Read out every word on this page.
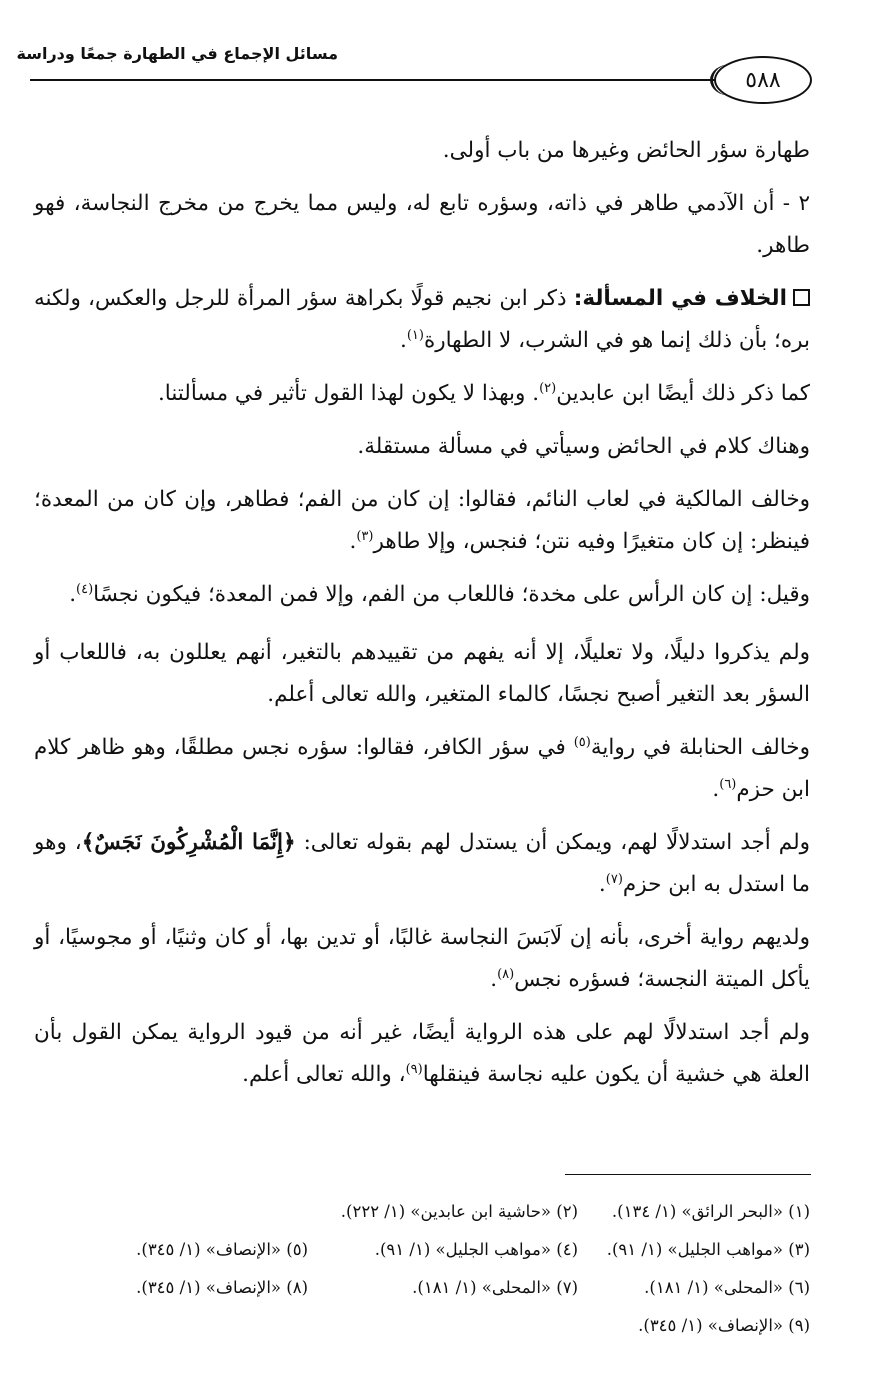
مسائل الإجماع في الطهارة جمعًا ودراسة
٥٨٨

طهارة سؤر الحائض وغيرها من باب أولى.

٢ - أن الآدمي طاهر في ذاته، وسؤره تابع له، وليس مما يخرج من مخرج النجاسة، فهو طاهر.

الخلاف في المسألة: ذكر ابن نجيم قولًا بكراهة سؤر المرأة للرجل والعكس، ولكنه بره؛ بأن ذلك إنما هو في الشرب، لا الطهارة$^{(١)}$.

كما ذكر ذلك أيضًا ابن عابدين$^{(٢)}$. وبهذا لا يكون لهذا القول تأثير في مسألتنا.

وهناك كلام في الحائض وسيأتي في مسألة مستقلة.

وخالف المالكية في لعاب النائم، فقالوا: إن كان من الفم؛ فطاهر، وإن كان من المعدة؛ فينظر: إن كان متغيرًا وفيه نتن؛ فنجس، وإلا طاهر$^{(٣)}$.

وقيل: إن كان الرأس على مخدة؛ فاللعاب من الفم، وإلا فمن المعدة؛ فيكون نجسًا$^{(٤)}$.

ولم يذكروا دليلًا، ولا تعليلًا، إلا أنه يفهم من تقييدهم بالتغير، أنهم يعللون به، فاللعاب أو السؤر بعد التغير أصبح نجسًا، كالماء المتغير، والله تعالى أعلم.

وخالف الحنابلة في رواية$^{(٥)}$ في سؤر الكافر، فقالوا: سؤره نجس مطلقًا، وهو ظاهر كلام ابن حزم$^{(٦)}$.

ولم أجد استدلالًا لهم، ويمكن أن يستدل لهم بقوله تعالى: ﴿إِنَّمَا الْمُشْرِكُونَ نَجَسٌ﴾، وهو ما استدل به ابن حزم$^{(٧)}$.

ولديهم رواية أخرى، بأنه إن لَابَسَ النجاسة غالبًا، أو تدين بها، أو كان وثنيًا، أو مجوسيًا، أو يأكل الميتة النجسة؛ فسؤره نجس$^{(٨)}$.

ولم أجد استدلالًا لهم على هذه الرواية أيضًا، غير أنه من قيود الرواية يمكن القول بأن العلة هي خشية أن يكون عليه نجاسة فينقلها$^{(٩)}$، والله تعالى أعلم.

(١) «البحر الرائق» (١/ ١٣٤).
(٢) «حاشية ابن عابدين» (١/ ٢٢٢).
(٣) «مواهب الجليل» (١/ ٩١).
(٤) «مواهب الجليل» (١/ ٩١).
(٥) «الإنصاف» (١/ ٣٤٥).
(٦) «المحلى» (١/ ١٨١).
(٧) «المحلى» (١/ ١٨١).
(٨) «الإنصاف» (١/ ٣٤٥).
(٩) «الإنصاف» (١/ ٣٤٥).
